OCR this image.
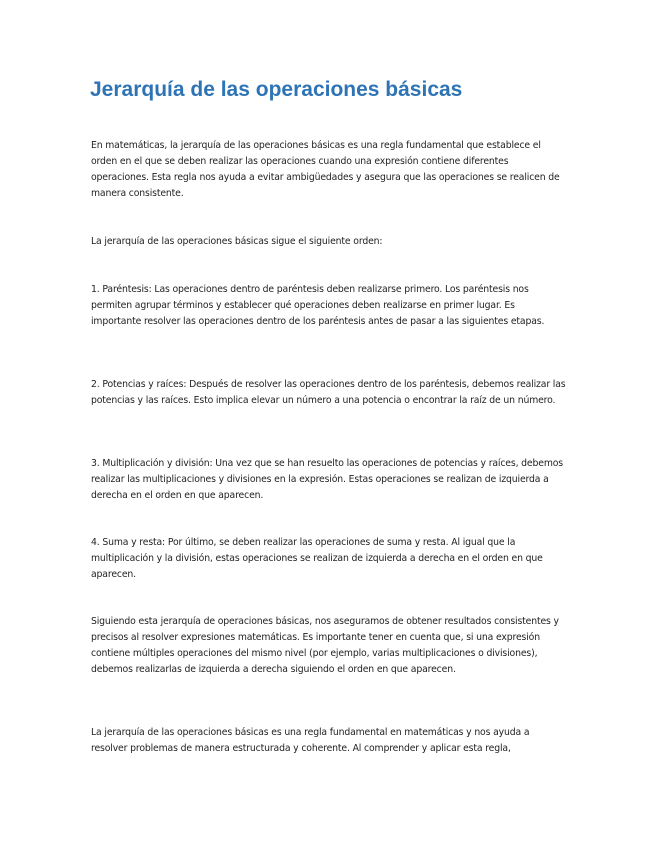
Jerarquía de las operaciones básicas

En matemáticas, la jerarquía de las operaciones básicas es una regla fundamental que establece el orden en el que se deben realizar las operaciones cuando una expresión contiene diferentes operaciones. Esta regla nos ayuda a evitar ambigüedades y asegura que las operaciones se realicen de manera consistente.

La jerarquía de las operaciones básicas sigue el siguiente orden:

1. Paréntesis: Las operaciones dentro de paréntesis deben realizarse primero. Los paréntesis nos permiten agrupar términos y establecer qué operaciones deben realizarse en primer lugar. Es importante resolver las operaciones dentro de los paréntesis antes de pasar a las siguientes etapas.

2. Potencias y raíces: Después de resolver las operaciones dentro de los paréntesis, debemos realizar las potencias y las raíces. Esto implica elevar un número a una potencia o encontrar la raíz de un número.

3. Multiplicación y división: Una vez que se han resuelto las operaciones de potencias y raíces, debemos realizar las multiplicaciones y divisiones en la expresión. Estas operaciones se realizan de izquierda a derecha en el orden en que aparecen.

4. Suma y resta: Por último, se deben realizar las operaciones de suma y resta. Al igual que la multiplicación y la división, estas operaciones se realizan de izquierda a derecha en el orden en que aparecen.

Siguiendo esta jerarquía de operaciones básicas, nos aseguramos de obtener resultados consistentes y precisos al resolver expresiones matemáticas. Es importante tener en cuenta que, si una expresión contiene múltiples operaciones del mismo nivel (por ejemplo, varias multiplicaciones o divisiones), debemos realizarlas de izquierda a derecha siguiendo el orden en que aparecen.

La jerarquía de las operaciones básicas es una regla fundamental en matemáticas y nos ayuda a resolver problemas de manera estructurada y coherente. Al comprender y aplicar esta regla,
